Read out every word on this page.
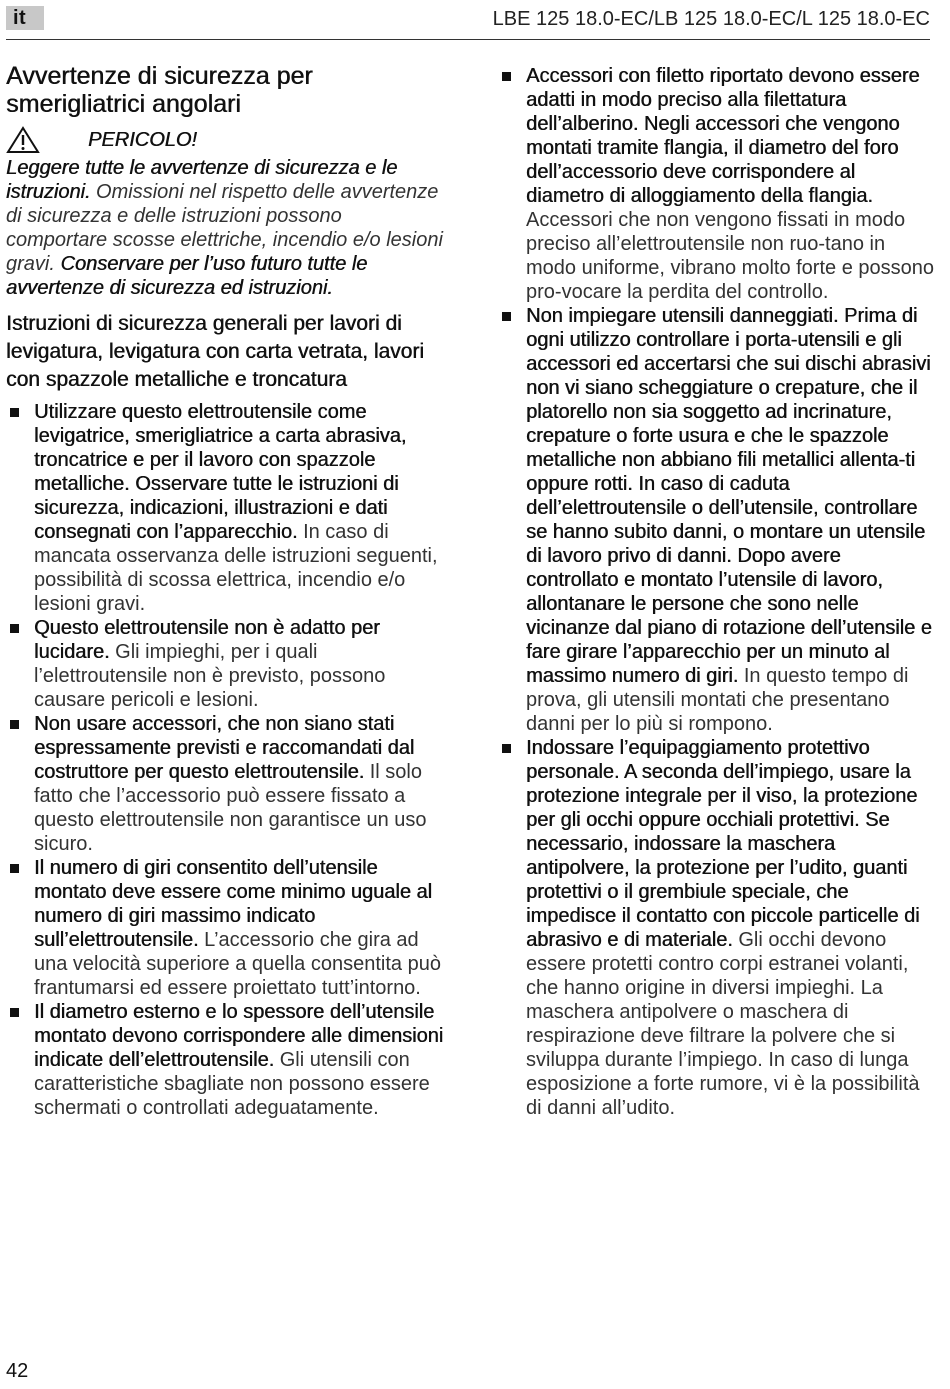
it	LBE 125 18.0-EC/LB 125 18.0-EC/L 125 18.0-EC
Avvertenze di sicurezza per smerigliatrici angolari
PERICOLO!
Leggere tutte le avvertenze di sicurezza e le istruzioni. Omissioni nel rispetto delle avvertenze di sicurezza e delle istruzioni possono comportare scosse elettriche, incendio e/o lesioni gravi. Conservare per l’uso futuro tutte le avvertenze di sicurezza ed istruzioni.
Istruzioni di sicurezza generali per lavori di levigatura, levigatura con carta vetrata, lavori con spazzole metalliche e troncatura
Utilizzare questo elettroutensile come levigatrice, smerigliatrice a carta abrasiva, troncatrice e per il lavoro con spazzole metalliche. Osservare tutte le istruzioni di sicurezza, indicazioni, illustrazioni e dati consegnati con l’apparecchio. In caso di mancata osservanza delle istruzioni seguenti, possibilità di scossa elettrica, incendio e/o lesioni gravi.
Questo elettroutensile non è adatto per lucidare. Gli impieghi, per i quali l’elettroutensile non è previsto, possono causare pericoli e lesioni.
Non usare accessori, che non siano stati espressamente previsti e raccomandati dal costruttore per questo elettroutensile. Il solo fatto che l’accessorio può essere fissato a questo elettroutensile non garantisce un uso sicuro.
Il numero di giri consentito dell’utensile montato deve essere come minimo uguale al numero di giri massimo indicato sull’elettroutensile. L’accessorio che gira ad una velocità superiore a quella consentita può frantumarsi ed essere proiettato tutt’intorno.
Il diametro esterno e lo spessore dell’utensile montato devono corrispondere alle dimensioni indicate dell’elettroutensile. Gli utensili con caratteristiche sbagliate non possono essere schermati o controllati adeguatamente.
Accessori con filetto riportato devono essere adatti in modo preciso alla filettatura dell’alberino. Negli accessori che vengono montati tramite flangia, il diametro del foro dell’accessorio deve corrispondere al diametro di alloggiamento della flangia. Accessori che non vengono fissati in modo preciso all’elettroutensile non ruo-tano in modo uniforme, vibrano molto forte e possono pro-vocare la perdita del controllo.
Non impiegare utensili danneggiati. Prima di ogni utilizzo controllare i porta-utensili e gli accessori ed accertarsi che sui dischi abrasivi non vi siano scheggiature o crepature, che il platorello non sia soggetto ad incrinature, crepature o forte usura e che le spazzole metalliche non abbiano fili metallici allenta-ti oppure rotti. In caso di caduta dell’elettroutensile o dell’utensile, controllare se hanno subito danni, o montare un utensile di lavoro privo di danni. Dopo avere controllato e montato l’utensile di lavoro, allontanare le persone che sono nelle vicinanze dal piano di rotazione dell’utensile e fare girare l’apparecchio per un minuto al massimo numero di giri. In questo tempo di prova, gli utensili montati che presentano danni per lo più si rompono.
Indossare l’equipaggiamento protettivo personale. A seconda dell’impiego, usare la protezione integrale per il viso, la protezione per gli occhi oppure occhiali protettivi. Se necessario, indossare la maschera antipolvere, la protezione per l’udito, guanti protettivi o il grembiule speciale, che impedisce il contatto con piccole particelle di abrasivo e di materiale. Gli occhi devono essere protetti contro corpi estranei volanti, che hanno origine in diversi impieghi. La maschera antipolvere o maschera di respirazione deve filtrare la polvere che si sviluppa durante l’impiego. In caso di lunga esposizione a forte rumore, vi è la possibilità di danni all’udito.
42
